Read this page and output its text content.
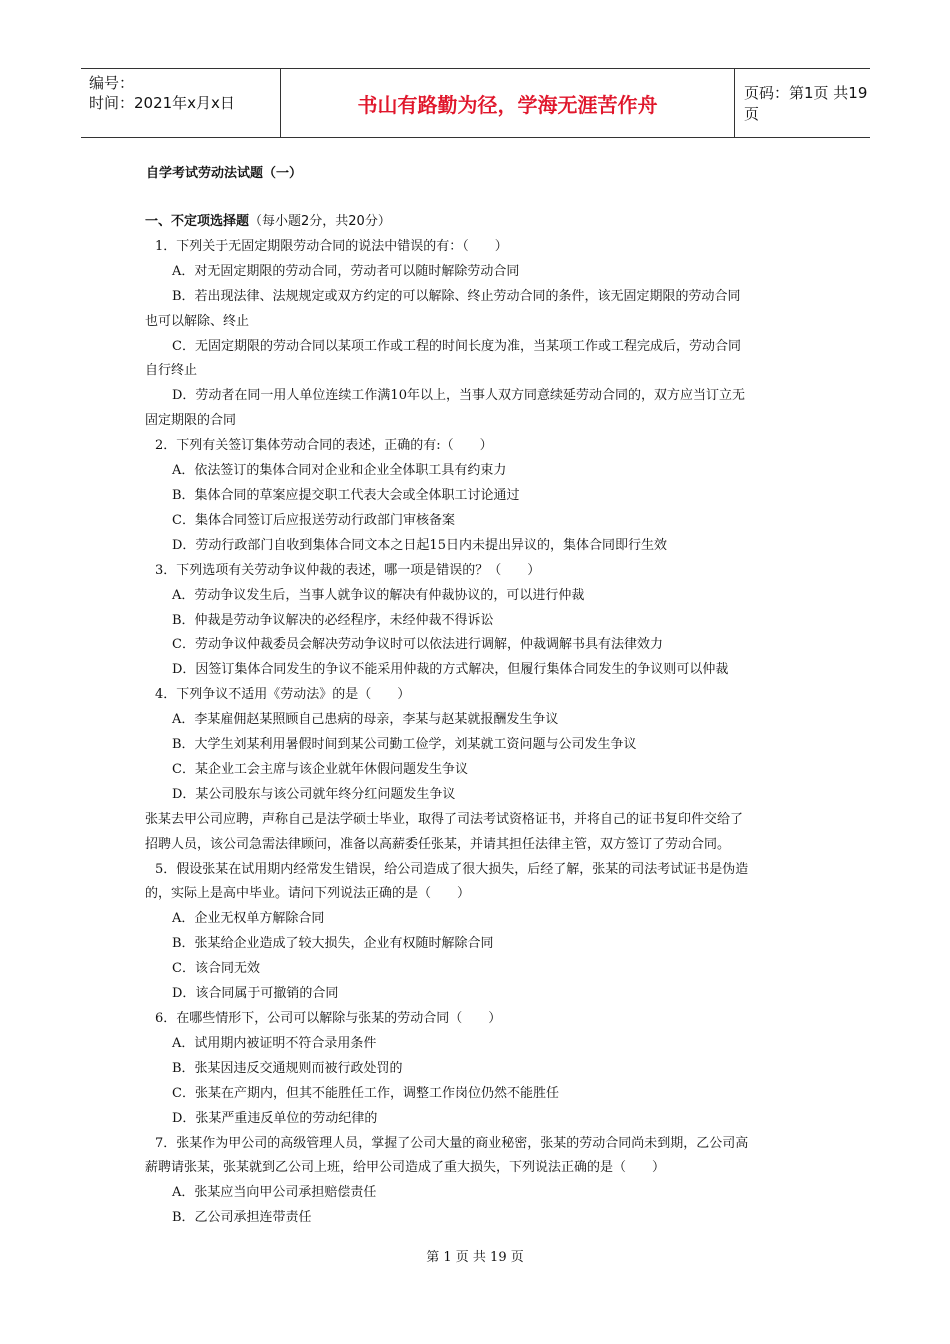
编号：
时间：2021年x月x日	书山有路勤为径，学海无涯苦作舟	页码：第1页 共19页
自学考试劳动法试题（一）
一、不定项选择题（每小题2分，共20分）
1．下列关于无固定期限劳动合同的说法中错误的有：（　　）
A．对无固定期限的劳动合同，劳动者可以随时解除劳动合同
B．若出现法律、法规规定或双方约定的可以解除、终止劳动合同的条件，该无固定期限的劳动合同
也可以解除、终止
C．无固定期限的劳动合同以某项工作或工程的时间长度为准，当某项工作或工程完成后，劳动合同
自行终止
D．劳动者在同一用人单位连续工作满10年以上，当事人双方同意续延劳动合同的，双方应当订立无
固定期限的合同
2．下列有关签订集体劳动合同的表述，正确的有:（　　）
A．依法签订的集体合同对企业和企业全体职工具有约束力
B．集体合同的草案应提交职工代表大会或全体职工讨论通过
C．集体合同签订后应报送劳动行政部门审核备案
D．劳动行政部门自收到集体合同文本之日起15日内未提出异议的，集体合同即行生效
3．下列选项有关劳动争议仲裁的表述，哪一项是错误的？（　　）
A．劳动争议发生后，当事人就争议的解决有仲裁协议的，可以进行仲裁
B．仲裁是劳动争议解决的必经程序，未经仲裁不得诉讼
C．劳动争议仲裁委员会解决劳动争议时可以依法进行调解，仲裁调解书具有法律效力
D．因签订集体合同发生的争议不能采用仲裁的方式解决，但履行集体合同发生的争议则可以仲裁
4．下列争议不适用《劳动法》的是（　　）
A．李某雇佣赵某照顾自己患病的母亲，李某与赵某就报酬发生争议
B．大学生刘某利用暑假时间到某公司勤工俭学，刘某就工资问题与公司发生争议
C．某企业工会主席与该企业就年休假问题发生争议
D．某公司股东与该公司就年终分红问题发生争议
张某去甲公司应聘，声称自己是法学硕士毕业，取得了司法考试资格证书，并将自己的证书复印件交给了
招聘人员，该公司急需法律顾问，准备以高薪委任张某，并请其担任法律主管，双方签订了劳动合同。
5．假设张某在试用期内经常发生错误，给公司造成了很大损失，后经了解，张某的司法考试证书是伪造
的，实际上是高中毕业。请问下列说法正确的是（　　）
A．企业无权单方解除合同
B．张某给企业造成了较大损失，企业有权随时解除合同
C．该合同无效
D．该合同属于可撤销的合同
6．在哪些情形下，公司可以解除与张某的劳动合同（　　）
A．试用期内被证明不符合录用条件
B．张某因违反交通规则而被行政处罚的
C．张某在产期内，但其不能胜任工作，调整工作岗位仍然不能胜任
D．张某严重违反单位的劳动纪律的
7．张某作为甲公司的高级管理人员，掌握了公司大量的商业秘密，张某的劳动合同尚未到期，乙公司高
薪聘请张某，张某就到乙公司上班，给甲公司造成了重大损失，下列说法正确的是（　　）
A．张某应当向甲公司承担赔偿责任
B．乙公司承担连带责任
第 1 页 共 19 页
